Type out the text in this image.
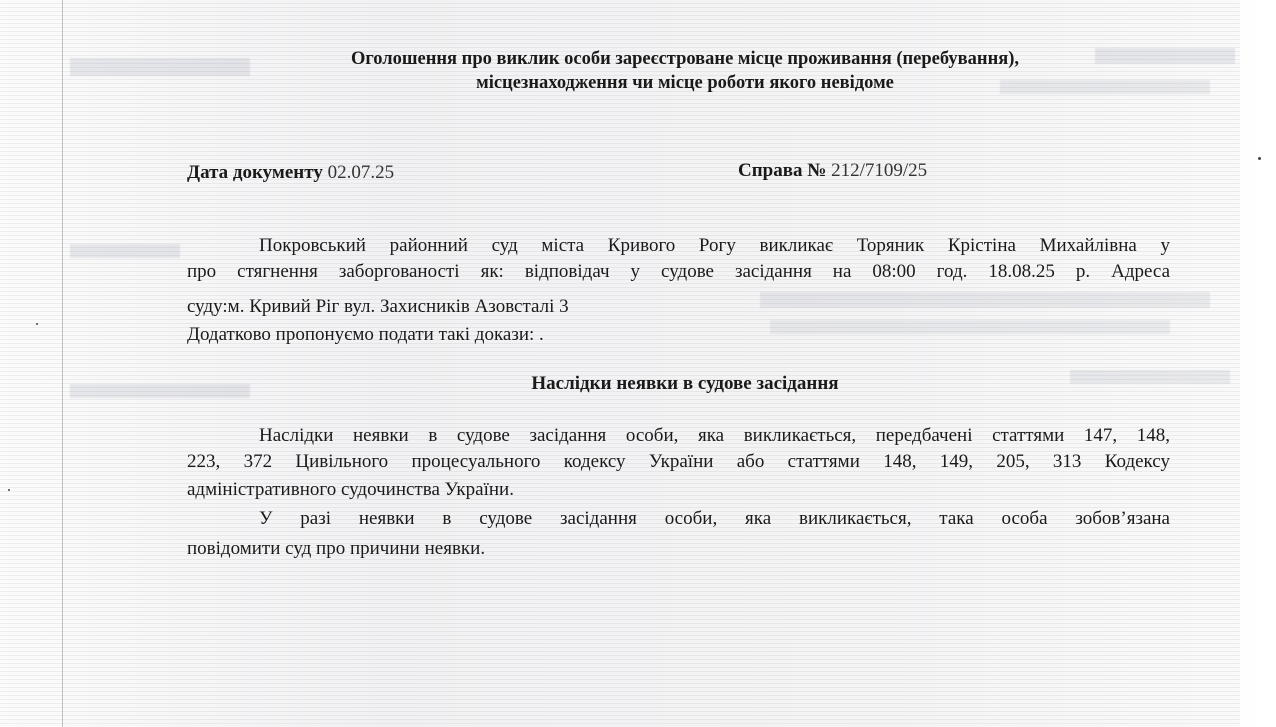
Оголошення про виклик особи зареєстроване місце проживання (перебування),
місцезнаходження чи місце роботи якого невідоме
Дата документу 02.07.25	Справа № 212/7109/25
Покровський районний суд міста Кривого Рогу викликає Торяник Крістіна Михайлівна у
про стягнення заборгованості як: відповідач у судове засідання на 08:00 год. 18.08.25 р. Адреса
суду:м. Кривий Ріг вул. Захисників Азовсталі 3
Додатково пропонуємо подати такі докази: .
Наслідки неявки в судове засідання
Наслідки неявки в судове засідання особи, яка викликається, передбачені статтями 147, 148,
223, 372 Цивільного процесуального кодексу України або статтями 148, 149, 205, 313 Кодексу
адміністративного судочинства України.
У разі неявки в судове засідання особи, яка викликається, така особа зобов’язана
повідомити суд про причини неявки.
